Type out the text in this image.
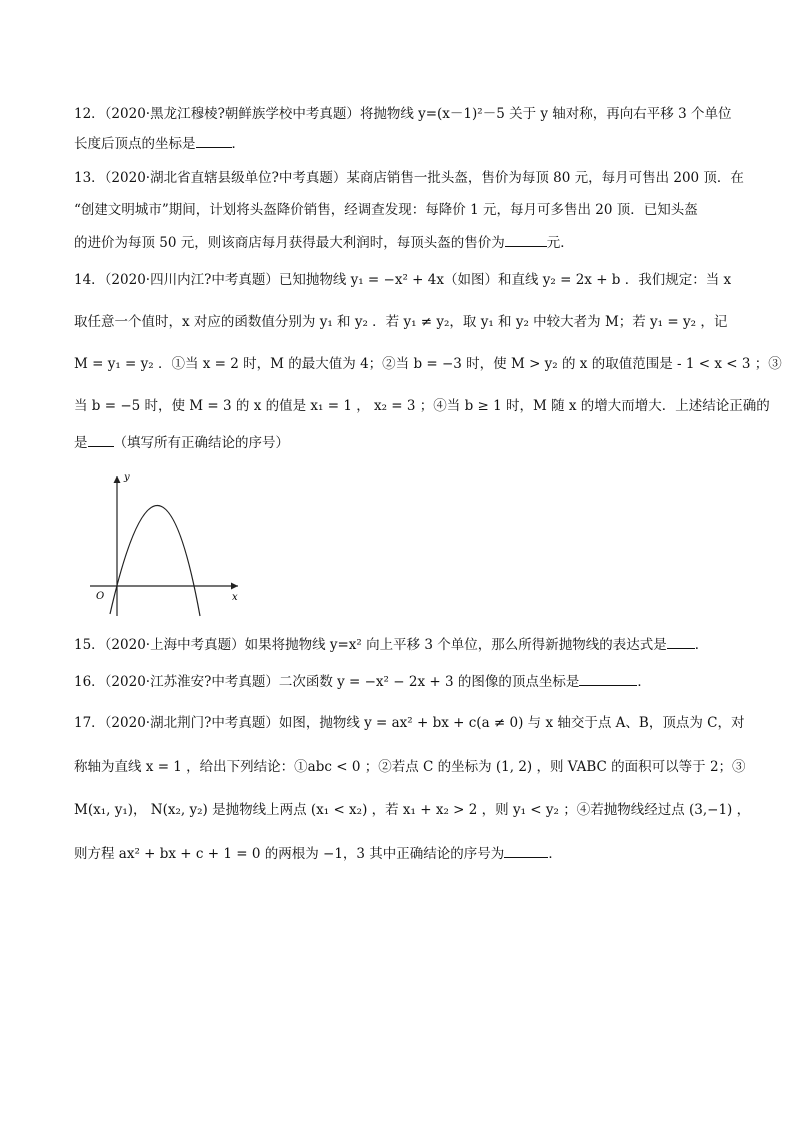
12．（2020·黑龙江穆棱?朝鲜族学校中考真题）将抛物线 y=(x－1)²－5 关于 y 轴对称，再向右平移 3 个单位
长度后顶点的坐标是	．
13．（2020·湖北省直辖县级单位?中考真题）某商店销售一批头盔，售价为每顶 80 元，每月可售出 200 顶．在
“创建文明城市”期间，计划将头盔降价销售，经调查发现：每降价 1 元，每月可多售出 20 顶．已知头盔
的进价为每顶 50 元，则该商店每月获得最大利润时，每顶头盔的售价为	元．
14．（2020·四川内江?中考真题）已知抛物线 y₁ = −x² + 4x（如图）和直线 y₂ = 2x + b ．我们规定：当 x
取任意一个值时，x 对应的函数值分别为 y₁ 和 y₂ ．若 y₁ ≠ y₂，取 y₁ 和 y₂ 中较大者为 M；若 y₁ = y₂ ，记
M = y₁ = y₂ ．①当 x = 2 时，M 的最大值为 4；②当 b = −3 时，使 M > y₂ 的 x 的取值范围是 - 1 < x < 3 ；③
当 b = −5 时，使 M = 3 的 x 的值是 x₁ = 1 ， x₂ = 3 ；④当 b ≥ 1 时，M 随 x 的增大而增大．上述结论正确的
是 （填写所有正确结论的序号）
y
x
O
15．（2020·上海中考真题）如果将抛物线 y=x² 向上平移 3 个单位，那么所得新抛物线的表达式是 ．
16．（2020·江苏淮安?中考真题）二次函数 y = −x² − 2x + 3 的图像的顶点坐标是	．
17．（2020·湖北荆门?中考真题）如图，抛物线 y = ax² + bx + c(a ≠ 0) 与 x 轴交于点 A、B，顶点为 C，对
称轴为直线 x = 1 ，给出下列结论：①abc < 0 ；②若点 C 的坐标为 (1, 2) ，则 VABC 的面积可以等于 2；③
M(x₁, y₁)， N(x₂, y₂) 是抛物线上两点 (x₁ < x₂) ，若 x₁ + x₂ > 2 ，则 y₁ < y₂ ；④若抛物线经过点 (3,−1) ，
则方程 ax² + bx + c + 1 = 0 的两根为 −1，3 其中正确结论的序号为	．
